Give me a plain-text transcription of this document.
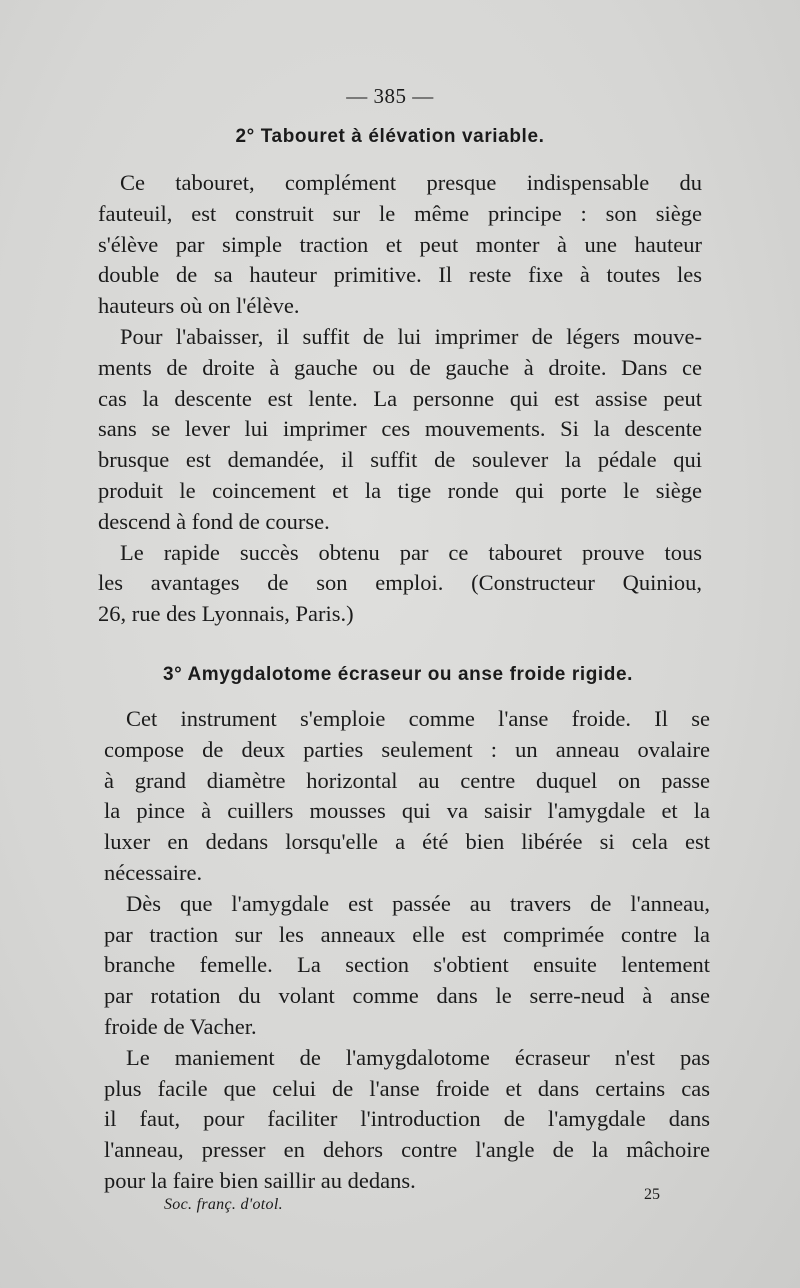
— 385 —
2° Tabouret à élévation variable.
Ce tabouret, complément presque indispensable du
fauteuil, est construit sur le même principe : son siège
s'élève par simple traction et peut monter à une hauteur
double de sa hauteur primitive. Il reste fixe à toutes les
hauteurs où on l'élève.
Pour l'abaisser, il suffit de lui imprimer de légers mouve-
ments de droite à gauche ou de gauche à droite. Dans ce
cas la descente est lente. La personne qui est assise peut
sans se lever lui imprimer ces mouvements. Si la descente
brusque est demandée, il suffit de soulever la pédale qui
produit le coincement et la tige ronde qui porte le siège
descend à fond de course.
Le rapide succès obtenu par ce tabouret prouve tous
les avantages de son emploi. (Constructeur Quiniou,
26, rue des Lyonnais, Paris.)
3° Amygdalotome écraseur ou anse froide rigide.
Cet instrument s'emploie comme l'anse froide. Il se
compose de deux parties seulement : un anneau ovalaire
à grand diamètre horizontal au centre duquel on passe
la pince à cuillers mousses qui va saisir l'amygdale et la
luxer en dedans lorsqu'elle a été bien libérée si cela est
nécessaire.
Dès que l'amygdale est passée au travers de l'anneau,
par traction sur les anneaux elle est comprimée contre la
branche femelle. La section s'obtient ensuite lentement
par rotation du volant comme dans le serre-neud à anse
froide de Vacher.
Le maniement de l'amygdalotome écraseur n'est pas
plus facile que celui de l'anse froide et dans certains cas
il faut, pour faciliter l'introduction de l'amygdale dans
l'anneau, presser en dehors contre l'angle de la mâchoire
pour la faire bien saillir au dedans.
Soc. franç. d'otol.
25
